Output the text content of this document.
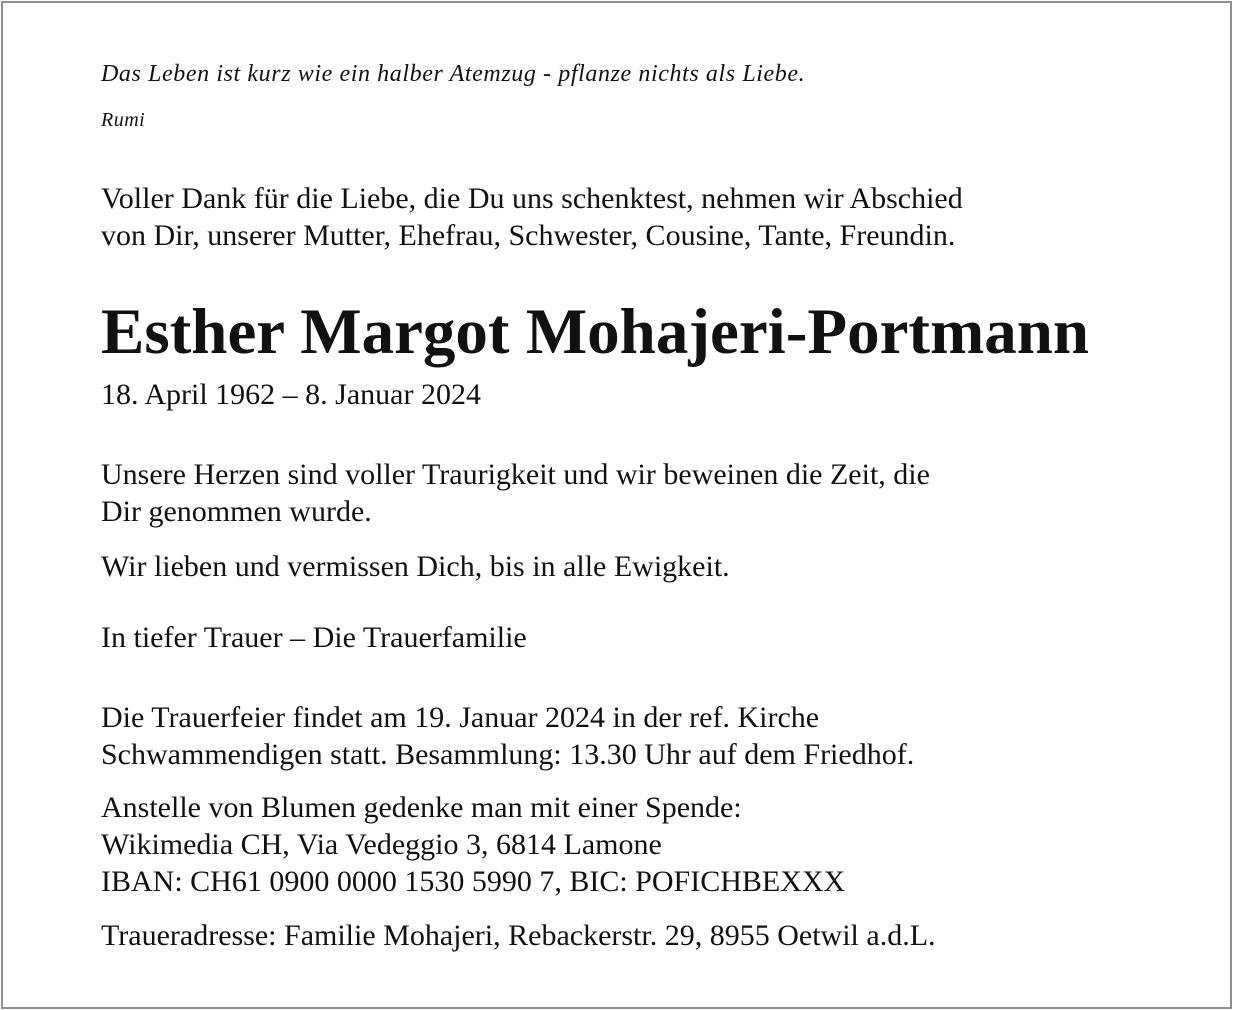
Das Leben ist kurz wie ein halber Atemzug - pflanze nichts als Liebe.
Rumi
Voller Dank für die Liebe, die Du uns schenktest, nehmen wir Abschied
von Dir, unserer Mutter, Ehefrau, Schwester, Cousine, Tante, Freundin.
Esther Margot Mohajeri-Portmann
18. April 1962 – 8. Januar 2024
Unsere Herzen sind voller Traurigkeit und wir beweinen die Zeit, die
Dir genommen wurde.
Wir lieben und vermissen Dich, bis in alle Ewigkeit.
In tiefer Trauer – Die Trauerfamilie
Die Trauerfeier findet am 19. Januar 2024 in der ref. Kirche
Schwammendigen statt. Besammlung: 13.30 Uhr auf dem Friedhof.
Anstelle von Blumen gedenke man mit einer Spende:
Wikimedia CH, Via Vedeggio 3, 6814 Lamone
IBAN: CH61 0900 0000 1530 5990 7, BIC: POFICHBEXXX
Traueradresse: Familie Mohajeri, Rebackerstr. 29, 8955 Oetwil a.d.L.
